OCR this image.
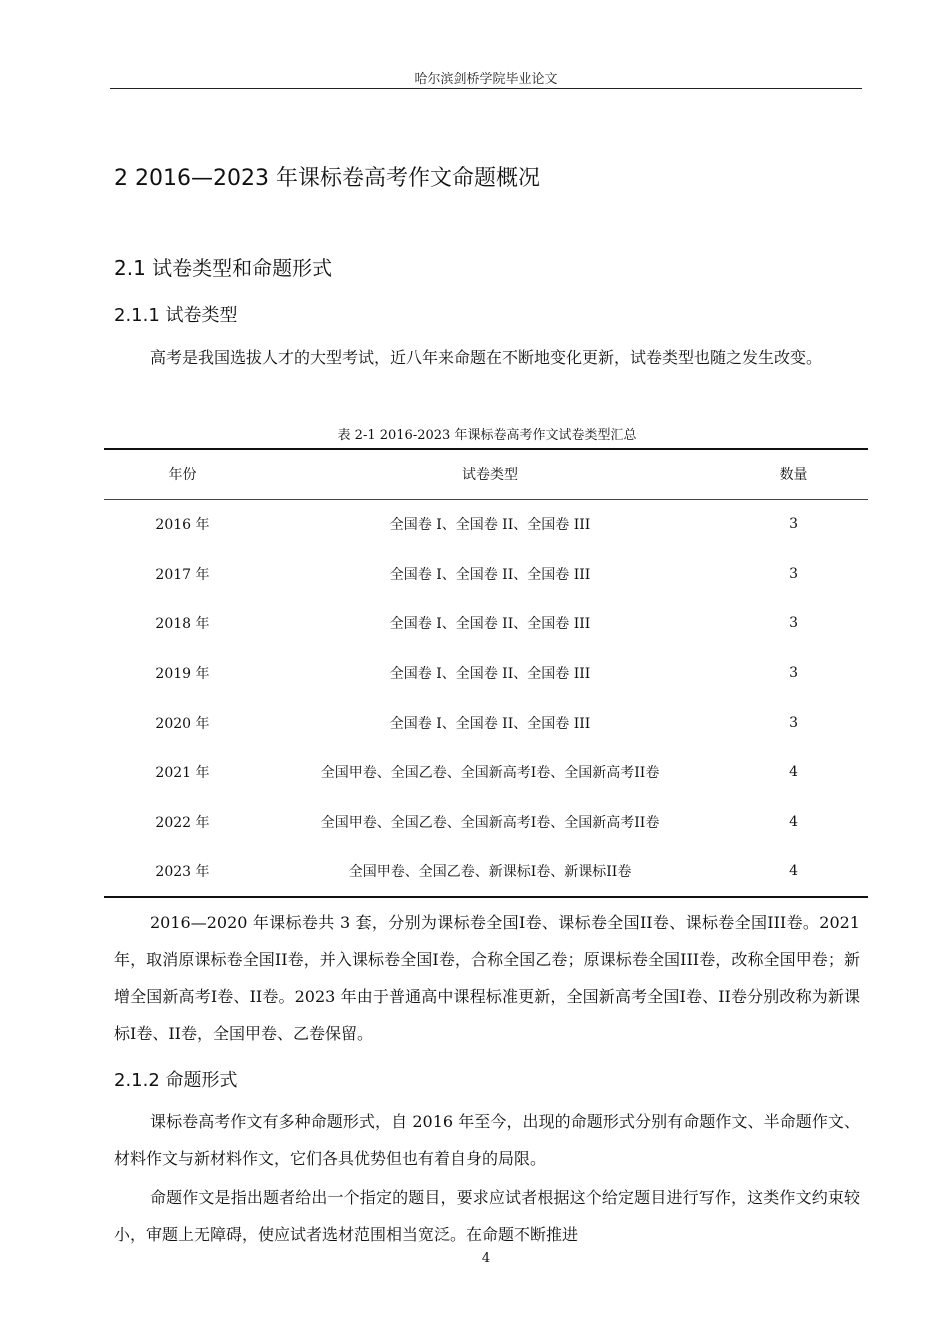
哈尔滨剑桥学院毕业论文
2 2016—2023 年课标卷高考作文命题概况
2.1 试卷类型和命题形式
2.1.1 试卷类型

高考是我国选拔人才的大型考试，近八年来命题在不断地变化更新，试卷类型也随之发生改变。

表 2-1 2016-2023 年课标卷高考作文试卷类型汇总
年份	试卷类型	数量
2016 年	全国卷 I、全国卷 II、全国卷 III	3
2017 年	全国卷 I、全国卷 II、全国卷 III	3
2018 年	全国卷 I、全国卷 II、全国卷 III	3
2019 年	全国卷 I、全国卷 II、全国卷 III	3
2020 年	全国卷 I、全国卷 II、全国卷 III	3
2021 年	全国甲卷、全国乙卷、全国新高考I卷、全国新高考II卷	4
2022 年	全国甲卷、全国乙卷、全国新高考I卷、全国新高考II卷	4
2023 年	全国甲卷、全国乙卷、新课标I卷、新课标II卷	4

2016—2020 年课标卷共 3 套，分别为课标卷全国I卷、课标卷全国II卷、课标卷全国III卷。2021 年，取消原课标卷全国II卷，并入课标卷全国I卷，合称全国乙卷；原课标卷全国III卷，改称全国甲卷；新增全国新高考I卷、II卷。2023 年由于普通高中课程标准更新，全国新高考全国I卷、II卷分别改称为新课标I卷、II卷，全国甲卷、乙卷保留。

2.1.2 命题形式

课标卷高考作文有多种命题形式，自 2016 年至今，出现的命题形式分别有命题作文、半命题作文、材料作文与新材料作文，它们各具优势但也有着自身的局限。

命题作文是指出题者给出一个指定的题目，要求应试者根据这个给定题目进行写作，这类作文约束较小，审题上无障碍，使应试者选材范围相当宽泛。在命题不断推进

4
